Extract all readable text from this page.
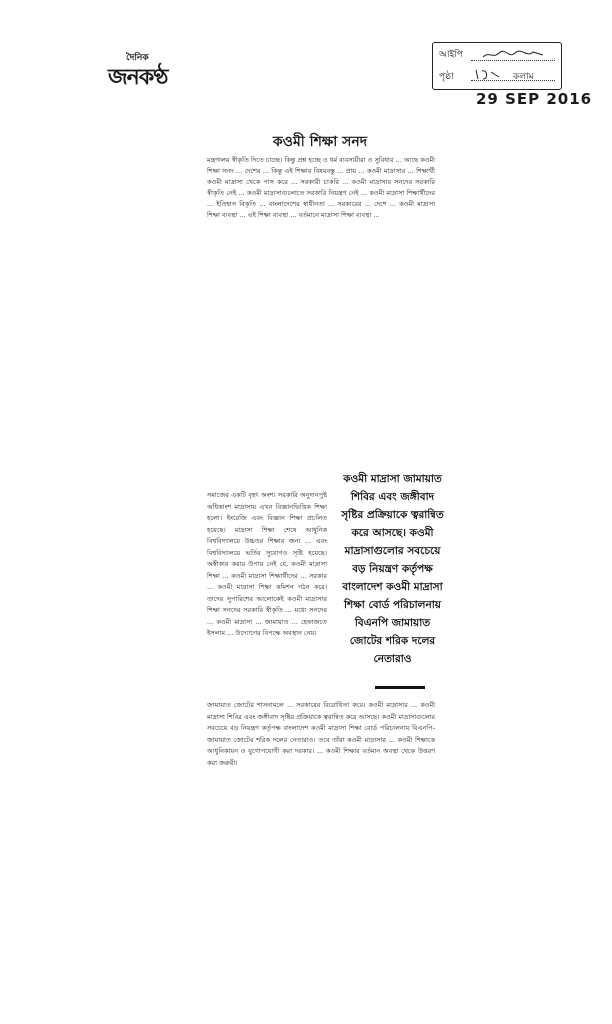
দৈনিক
জনকণ্ঠ
আইপি
পৃষ্ঠা	কলাম
29 SEP 2016
কওমী শিক্ষা সনদ
মন্ত্রণালয় স্বীকৃতি দিতে চাচ্ছে। কিন্তু প্রশ্ন হচ্ছে ও ধর্ম ব্যবসায়ীরা ও সুবিধার ... আছে কওমী শিক্ষা সনদ ... দেশের ... কিন্তু এই শিক্ষার বিষয়বস্তু ... প্রায় ... কওমী মাদ্রাসার ... শিক্ষার্থী কওমী মাদ্রাসা থেকে পাস করে ... সরকারী চাকরি ... কওমী মাদ্রাসার সনদের সরকারি স্বীকৃতি নেই ... কওমী মাদ্রাসাগুলোতে সরকারি নিয়ন্ত্রণ নেই ... কওমী মাদ্রাসা শিক্ষার্থীদের ... ইতিহাস বিকৃতি ... বাংলাদেশের স্বাধীনতা ... সরকারের ... দেশে ... কওমী মাদ্রাসা শিক্ষা ব্যবস্থা ... এই শিক্ষা ব্যবস্থা ... বর্তমানে মাদ্রাসা শিক্ষা ব্যবস্থা ...
সমাজের একটি বৃহৎ অংশ। সরকারি অনুদানপুষ্ট অধিকাংশ মাদ্রাসায় এখন বিজ্ঞানভিত্তিক শিক্ষা হলো। ইংরেজি এবং বিজ্ঞান শিক্ষা প্রচলিত হয়েছে। মাদ্রাসা শিক্ষা শেষে আধুনিক বিশ্ববিদ্যালয়ে উচ্চতর শিক্ষার জন্য ... এবং বিশ্ববিদ্যালয়ে ভর্তির সুযোগও সৃষ্টি হয়েছে। অস্বীকার করার উপায় নেই যে, কওমী মাদ্রাসা শিক্ষা ... কওমী মাদ্রাসা শিক্ষার্থীদের ... সরকার ... কওমী মাদ্রাসা শিক্ষা কমিশন গঠন করে। তাদের সুপারিশের আলোকেই কওমী মাদ্রাসার শিক্ষা সনদের সরকারি স্বীকৃতি ... মধ্যে সনদের ... কওমী মাদ্রাসা ... জামায়াত ... হেফাজতে ইসলাম ... উদ্যোগের বিপক্ষে অবস্থান নেয়।
কওমী মাদ্রাসা জামায়াত শিবির এবং জঙ্গীবাদ সৃষ্টির প্রক্রিয়াকে ত্বরান্বিত করে আসছে। কওমী মাদ্রাসাগুলোর সবচেয়ে বড় নিয়ন্ত্রণ কর্তৃপক্ষ বাংলাদেশ কওমী মাদ্রাসা শিক্ষা বোর্ড পরিচালনায় বিএনপি জামায়াত জোটের শরিক দলের নেতারাও
জামায়াত জোটের শাসনামলে ... সরকারের বিরোধিতা করে। কওমী মাদ্রাসার ... কওমী মাদ্রাসা শিবির এবং জঙ্গীবাদ সৃষ্টির প্রক্রিয়াকে ত্বরান্বিত করে আসছে। কওমী মাদ্রাসাগুলোর সবচেয়ে বড় নিয়ন্ত্রণ কর্তৃপক্ষ বাংলাদেশ কওমী মাদ্রাসা শিক্ষা বোর্ড পরিচালনায় বিএনপি-জামায়াত জোটের শরিক দলের নেতারাও। তবে তাঁরা কওমী মাদ্রাসার ... কওমী শিক্ষাকে আধুনিকায়ন ও যুগোপযোগী করা দরকার। ... কওমী শিক্ষার বর্তমান অবস্থা থেকে উত্তরণ করা জরুরী।
